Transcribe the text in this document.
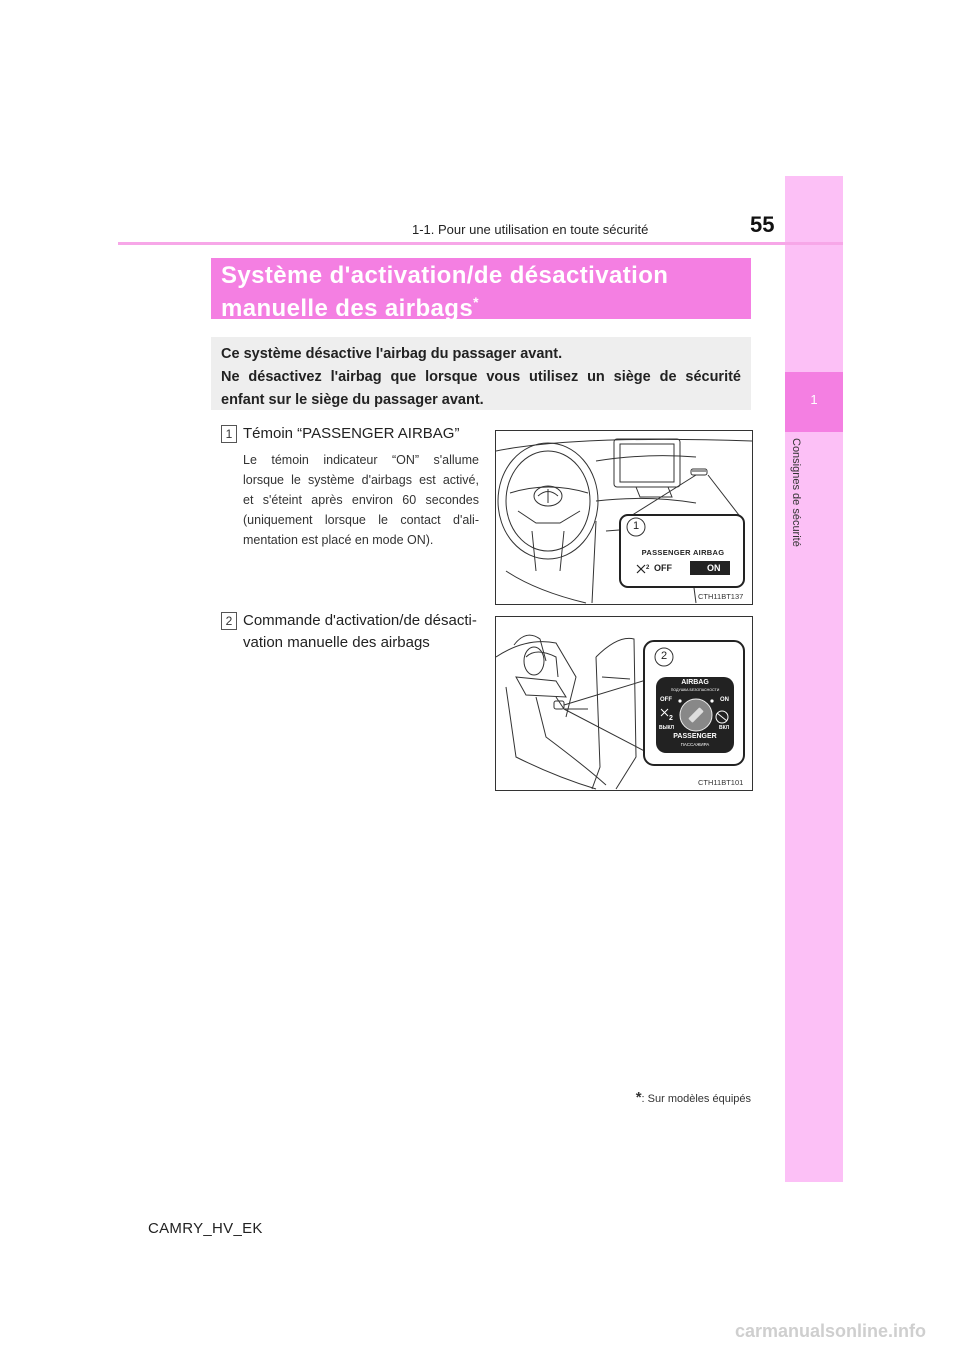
1
Consignes de sécurité
1-1. Pour une utilisation en toute sécurité	55
Système d'activation/de désactivation
manuelle des airbags*
Ce système désactive l'airbag du passager avant.
Ne désactivez l'airbag que lorsque vous utilisez un siège de sécurité
enfant sur le siège du passager avant.
1 Témoin “PASSENGER AIRBAG”
Le témoin indicateur “ON” s'allume
lorsque le système d'airbags est activé,
et s'éteint après environ 60 secondes
(uniquement lorsque le contact d'ali-
mentation est placé en mode ON).
2 Commande d'activation/de désacti-
vation manuelle des airbags
1
PASSENGER AIRBAG
2 OFF	ON
CTH11BT137
2
AIRBAG
ПОДУШКА БЕЗОПАСНОСТИ
OFF	ON
2
ВЫКЛ	ВКЛ
PASSENGER
ПАССАЖИРА
CTH11BT101
*: Sur modèles équipés
CAMRY_HV_EK
carmanualsonline.info
